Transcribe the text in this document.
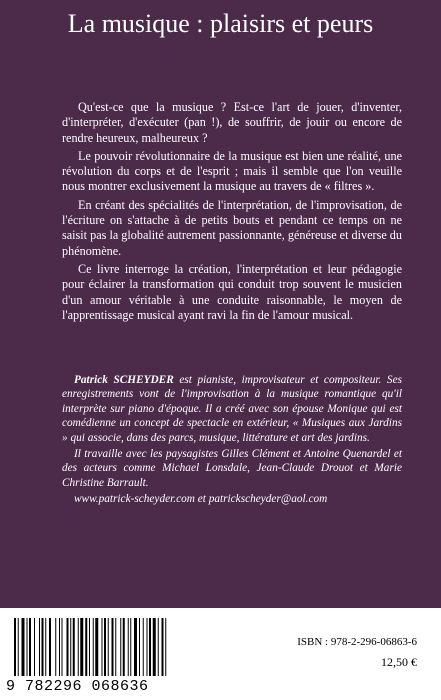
La musique : plaisirs et peurs

Qu'est-ce que la musique ? Est-ce l'art de jouer, d'inventer, d'interpréter, d'exécuter (pan !), de souffrir, de jouir ou encore de rendre heureux, malheureux ?

Le pouvoir révolutionnaire de la musique est bien une réalité, une révolution du corps et de l'esprit ; mais il semble que l'on veuille nous montrer exclusivement la musique au travers de « filtres ».

En créant des spécialités de l'interprétation, de l'improvisation, de l'écriture on s'attache à de petits bouts et pendant ce temps on ne saisit pas la globalité autrement passionnante, généreuse et diverse du phénomène.

Ce livre interroge la création, l'interprétation et leur pédagogie pour éclairer la transformation qui conduit trop souvent le musicien d'un amour véritable à une conduite raisonnable, le moyen de l'apprentissage musical ayant ravi la fin de l'amour musical.

Patrick SCHEYDER est pianiste, improvisateur et compositeur. Ses enregistrements vont de l'improvisation à la musique romantique qu'il interprète sur piano d'époque. Il a créé avec son épouse Monique qui est comédienne un concept de spectacle en extérieur, « Musiques aux Jardins » qui associe, dans des parcs, musique, littérature et art des jardins.

Il travaille avec les paysagistes Gilles Clément et Antoine Quenardel et des acteurs comme Michael Lonsdale, Jean-Claude Drouot et Marie Christine Barrault.

www.patrick-scheyder.com et patrickscheyder@aol.com

9 782296 068636
ISBN : 978-2-296-06863-6
12,50 €
